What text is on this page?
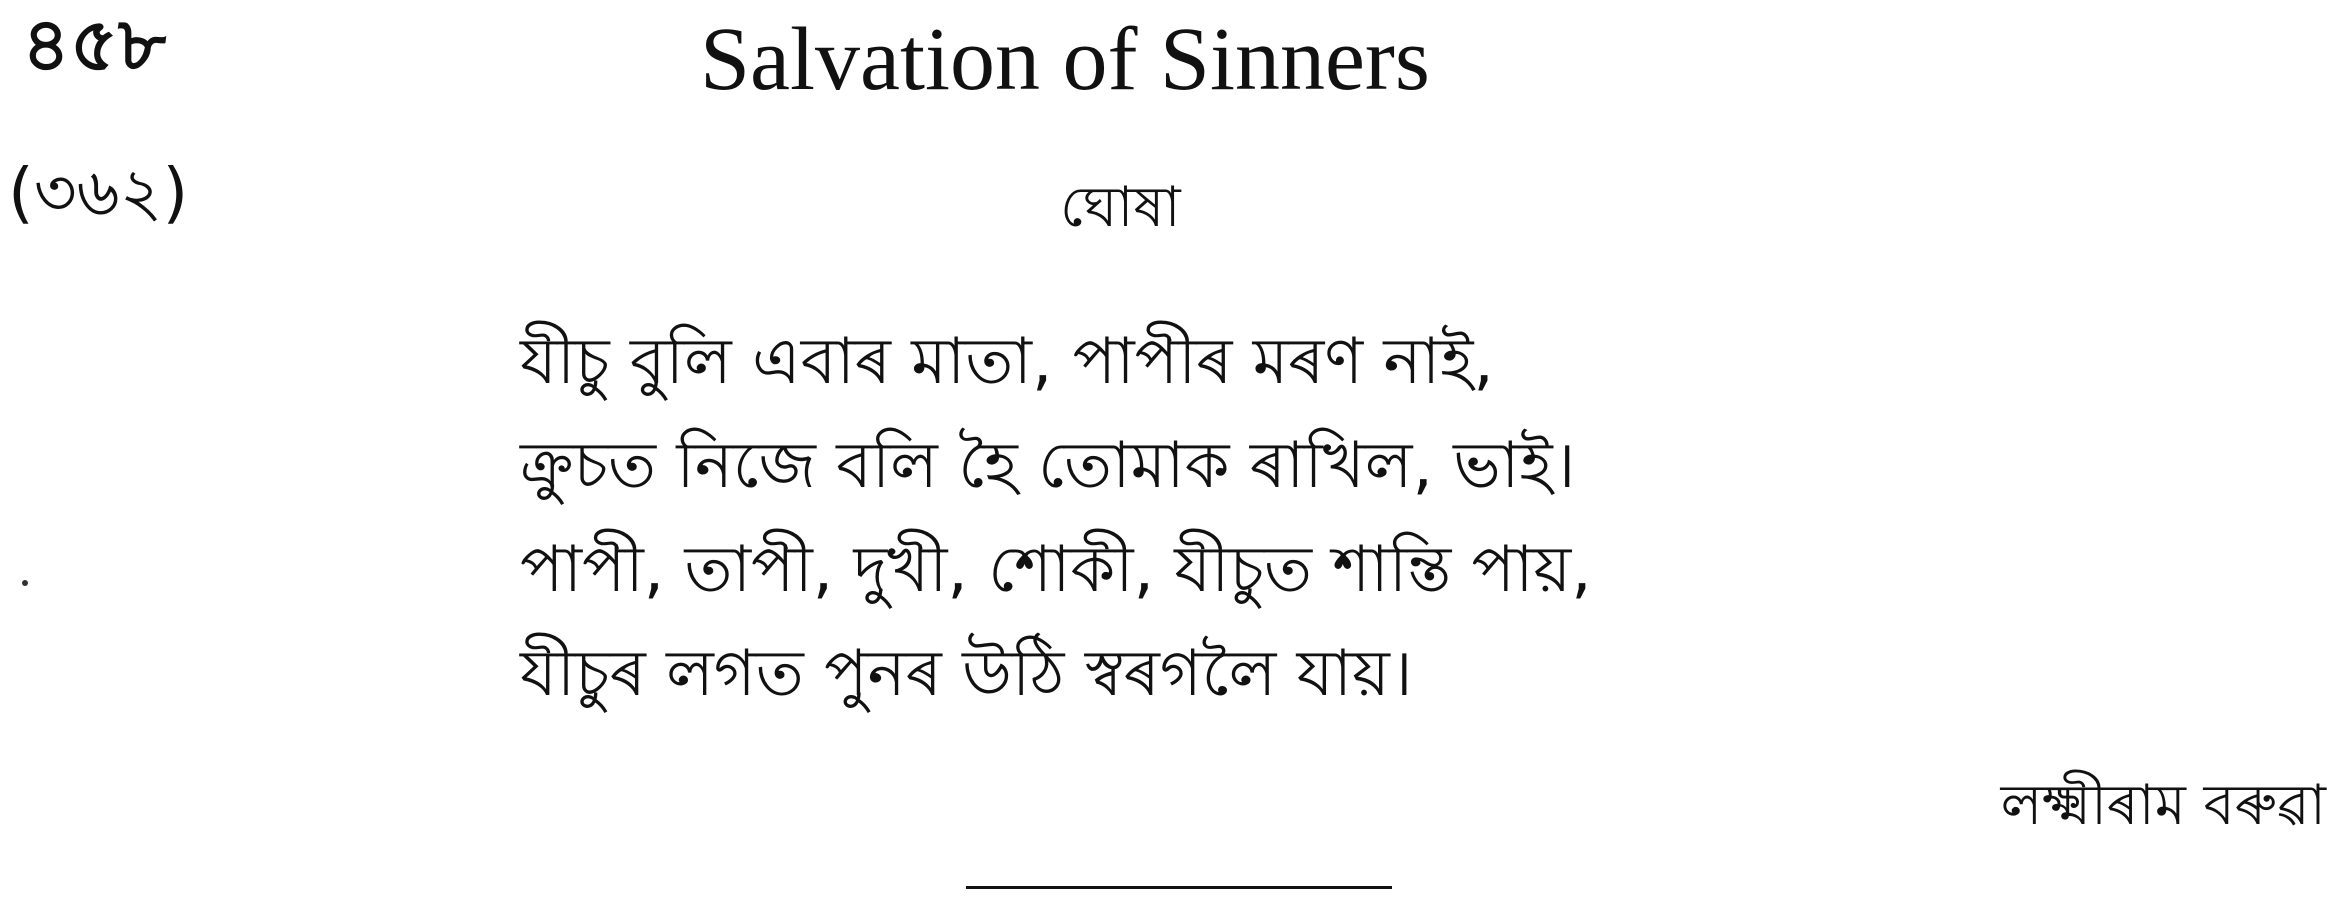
৪৫৮
(৩৬২)
Salvation of Sinners
ঘোষা
যীচু বুলি এবাৰ মাতা, পাপীৰ মৰণ নাই,
ক্রুচত নিজে বলি হৈ তোমাক ৰাখিল, ভাই।
পাপী, তাপী, দুখী, শোকী, যীচুত শান্তি পায়,
যীচুৰ লগত পুনৰ উঠি স্বৰগলৈ যায়।
লক্ষ্মীৰাম বৰুৱা
